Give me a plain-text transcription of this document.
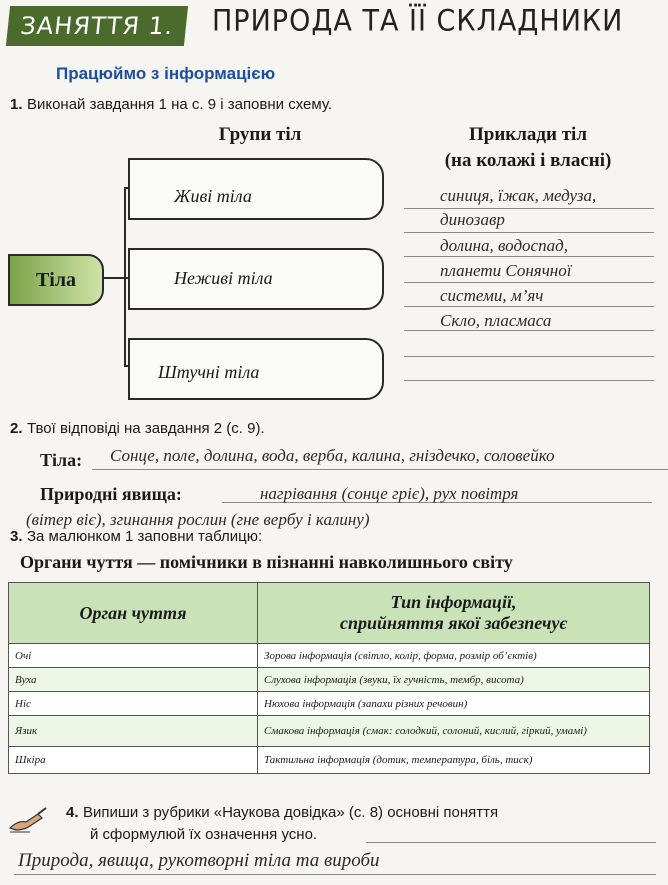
ЗАНЯТТЯ 1.	ПРИРОДА ТА ЇЇ СКЛАДНИКИ
Працюймо з інформацією
1. Виконай завдання 1 на с. 9 і заповни схему.
Групи тіл	Приклади тіл
(на колажі і власні)
Тіла
Живі тіла
Неживі тіла
Штучні тіла
синиця, їжак, медуза,
динозавр
долина, водоспад,
планети Сонячної
системи, м’яч
Скло, пласмаса
2. Твої відповіді на завдання 2 (с. 9).
Тіла: Сонце, поле, долина, вода, верба, калина, гніздечко, соловейко
Природні явища:	нагрівання (сонце гріє), рух повітря
(вітер віє), згинання рослин (гне вербу і калину)
3. За малюнком 1 заповни таблицю:
Органи чуття — помічники в пізнанні навколишнього світу
Орган чуття	Тип інформації,
сприйняття якої забезпечує

Очі	Зорова інформація (світло, колір, форма, розмір об’єктів)
Вуха	Слухова інформація (звуки, їх гучність, тембр, висота)
Ніс	Нюхова інформація (запахи різних речовин)
Язик	Смакова інформація (смак: солодкий, солоний, кислий, гіркий, умамі)
Шкіра	Тактильна інформація (дотик, температура, біль, тиск)
4. Випиши з рубрики «Наукова довідка» (с. 8) основні поняття
й сформулюй їх означення усно.
Природа, явища, рукотворні тіла та вироби
